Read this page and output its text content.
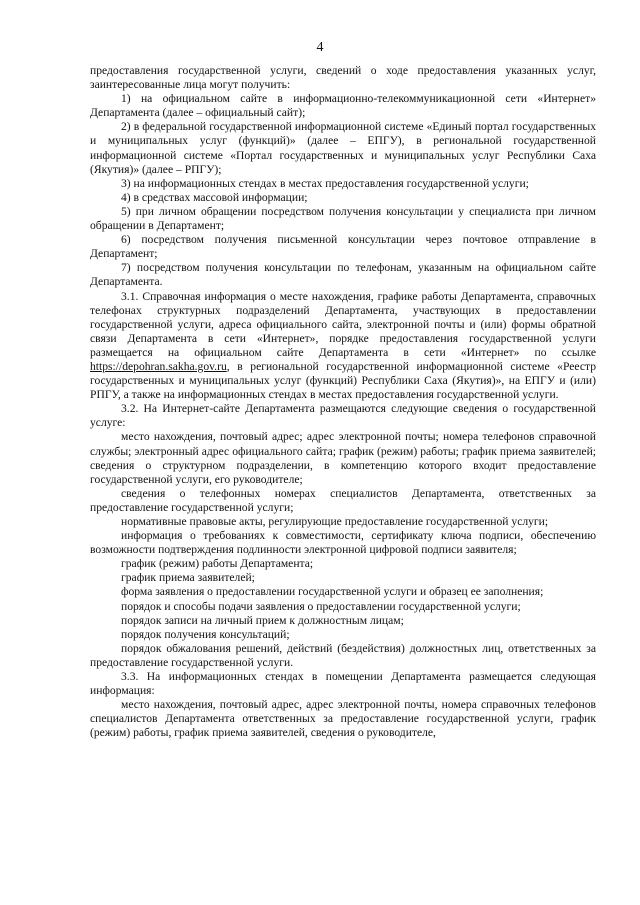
4

предоставления государственной услуги, сведений о ходе предоставления указанных услуг, заинтересованные лица могут получить:

1) на официальном сайте в информационно-телекоммуникационной сети «Интернет» Департамента (далее – официальный сайт);

2) в федеральной государственной информационной системе «Единый портал государственных и муниципальных услуг (функций)» (далее – ЕПГУ), в региональной государственной информационной системе «Портал государственных и муниципальных услуг Республики Саха (Якутия)» (далее – РПГУ);

3) на информационных стендах в местах предоставления государственной услуги;

4) в средствах массовой информации;

5) при личном обращении посредством получения консультации у специалиста при личном обращении в Департамент;

6) посредством получения письменной консультации через почтовое отправление в Департамент;

7) посредством получения консультации по телефонам, указанным на официальном сайте Департамента.

3.1. Справочная информация о месте нахождения, графике работы Департамента, справочных телефонах структурных подразделений Департамента, участвующих в предоставлении государственной услуги, адреса официального сайта, электронной почты и (или) формы обратной связи Департамента в сети «Интернет», порядке предоставления государственной услуги размещается на официальном сайте Департамента в сети «Интернет» по ссылке https://depohran.sakha.gov.ru, в региональной государственной информационной системе «Реестр государственных и муниципальных услуг (функций) Республики Саха (Якутия)», на ЕПГУ и (или) РПГУ, а также на информационных стендах в местах предоставления государственной услуги.

3.2. На Интернет-сайте Департамента размещаются следующие сведения о государственной услуге:

место нахождения, почтовый адрес; адрес электронной почты; номера телефонов справочной службы; электронный адрес официального сайта; график (режим) работы; график приема заявителей; сведения о структурном подразделении, в компетенцию которого входит предоставление государственной услуги, его руководителе;

сведения о телефонных номерах специалистов Департамента, ответственных за предоставление государственной услуги;

нормативные правовые акты, регулирующие предоставление государственной услуги;

информация о требованиях к совместимости, сертификату ключа подписи, обеспечению возможности подтверждения подлинности электронной цифровой подписи заявителя;

график (режим) работы Департамента;

график приема заявителей;

форма заявления о предоставлении государственной услуги и образец ее заполнения;

порядок и способы подачи заявления о предоставлении государственной услуги;

порядок записи на личный прием к должностным лицам;

порядок получения консультаций;

порядок обжалования решений, действий (бездействия) должностных лиц, ответственных за предоставление государственной услуги.

3.3. На информационных стендах в помещении Департамента размещается следующая информация:

место нахождения, почтовый адрес, адрес электронной почты, номера справочных телефонов специалистов Департамента ответственных за предоставление государственной услуги, график (режим) работы, график приема заявителей, сведения о руководителе,
